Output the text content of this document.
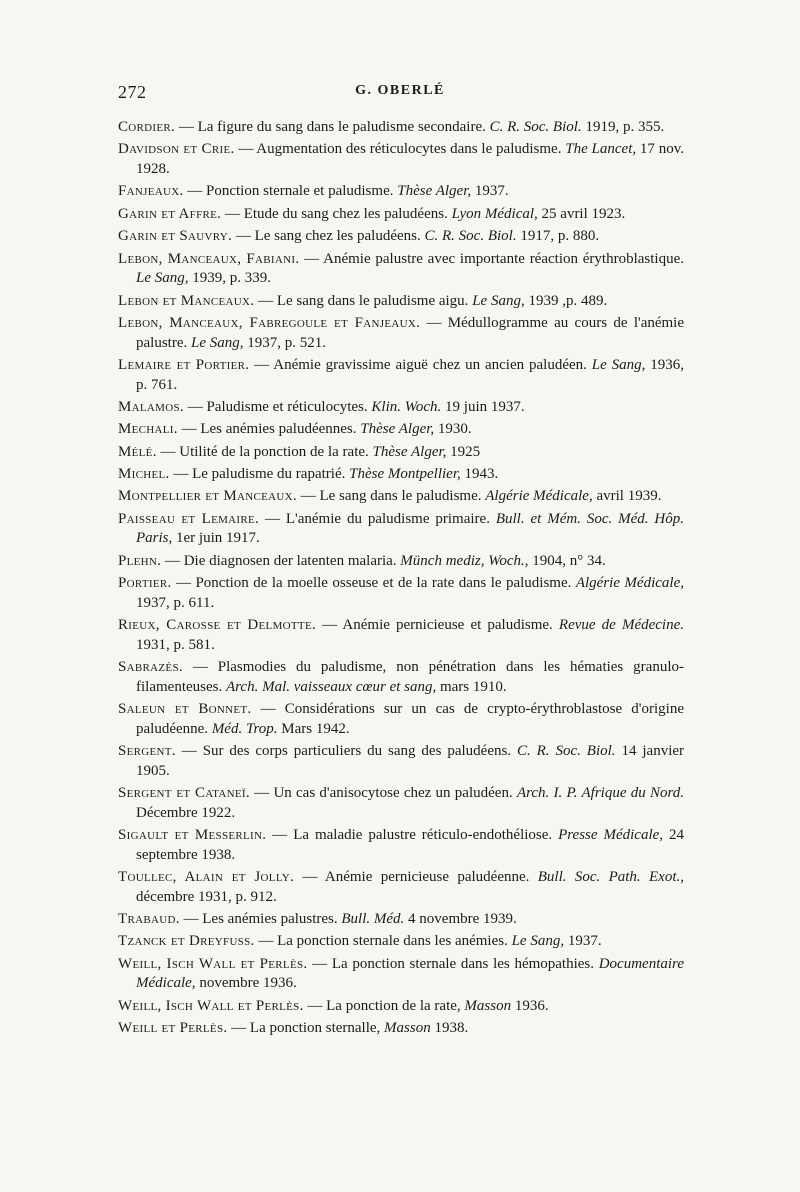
272	G. OBERLÉ

Cordier. — La figure du sang dans le paludisme secondaire. C. R. Soc. Biol. 1919, p. 355.

Davidson et Crie. — Augmentation des réticulocytes dans le paludisme. The Lancet, 17 nov. 1928.

Fanjeaux. — Ponction sternale et paludisme. Thèse Alger, 1937.

Garin et Affre. — Etude du sang chez les paludéens. Lyon Médical, 25 avril 1923.

Garin et Sauvry. — Le sang chez les paludéens. C. R. Soc. Biol. 1917, p. 880.

Lebon, Manceaux, Fabiani. — Anémie palustre avec importante réaction érythroblastique. Le Sang, 1939, p. 339.

Lebon et Manceaux. — Le sang dans le paludisme aigu. Le Sang, 1939 ,p. 489.

Lebon, Manceaux, Fabregoule et Fanjeaux. — Médullogramme au cours de l'anémie palustre. Le Sang, 1937, p. 521.

Lemaire et Portier. — Anémie gravissime aiguë chez un ancien paludéen. Le Sang, 1936, p. 761.

Malamos. — Paludisme et réticulocytes. Klin. Woch. 19 juin 1937.

Mechali. — Les anémies paludéennes. Thèse Alger, 1930.

Mélé. — Utilité de la ponction de la rate. Thèse Alger, 1925

Michel. — Le paludisme du rapatrié. Thèse Montpellier, 1943.

Montpellier et Manceaux. — Le sang dans le paludisme. Algérie Médicale, avril 1939.

Paisseau et Lemaire. — L'anémie du paludisme primaire. Bull. et Mém. Soc. Méd. Hôp. Paris, 1er juin 1917.

Plehn. — Die diagnosen der latenten malaria. Münch mediz, Woch., 1904, n° 34.

Portier. — Ponction de la moelle osseuse et de la rate dans le paludisme. Algérie Médicale, 1937, p. 611.

Rieux, Carosse et Delmotte. — Anémie pernicieuse et paludisme. Revue de Médecine. 1931, p. 581.

Sabrazès. — Plasmodies du paludisme, non pénétration dans les hématies granulo-filamenteuses. Arch. Mal. vaisseaux cœur et sang, mars 1910.

Saleun et Bonnet. — Considérations sur un cas de crypto-érythroblastose d'origine paludéenne. Méd. Trop. Mars 1942.

Sergent. — Sur des corps particuliers du sang des paludéens. C. R. Soc. Biol. 14 janvier 1905.

Sergent et Cataneï. — Un cas d'anisocytose chez un paludéen. Arch. I. P. Afrique du Nord. Décembre 1922.

Sigault et Messerlin. — La maladie palustre réticulo-endothéliose. Presse Médicale, 24 septembre 1938.

Toullec, Alain et Jolly. — Anémie pernicieuse paludéenne. Bull. Soc. Path. Exot., décembre 1931, p. 912.

Trabaud. — Les anémies palustres. Bull. Méd. 4 novembre 1939.

Tzanck et Dreyfuss. — La ponction sternale dans les anémies. Le Sang, 1937.

Weill, Isch Wall et Perlès. — La ponction sternale dans les hémopathies. Documentaire Médicale, novembre 1936.

Weill, Isch Wall et Perlès. — La ponction de la rate, Masson 1936.

Weill et Perlès. — La ponction sternalle, Masson 1938.
